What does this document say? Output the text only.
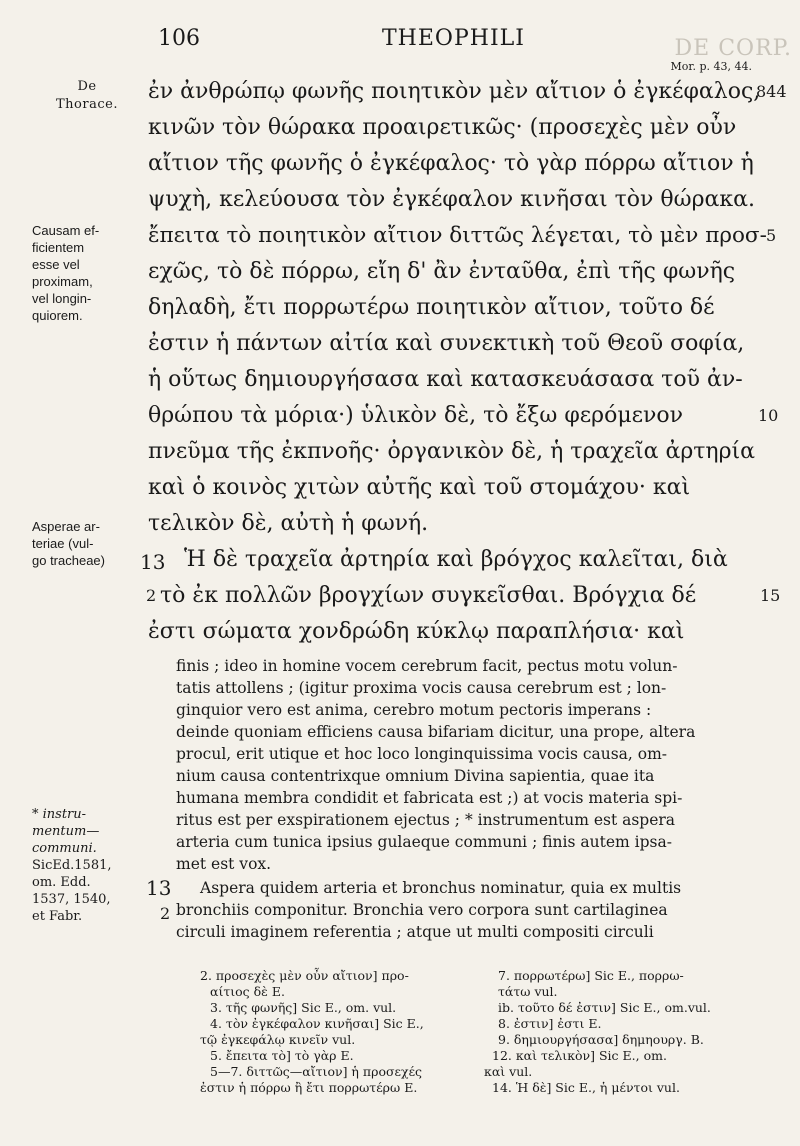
DE CORP.
106	THEOPHILI
Mor. p. 43, 44.
De
Thorace.
Causam ef-
ficientem
esse vel
proximam,
vel longin-
quiorem.
Asperae ar-
teriae (vul-
go tracheae)
* instru-
mentum—
communi.
SicEd.1581,
om. Edd.
1537, 1540,
et Fabr.
ἐν ἀνθρώπῳ φωνῆς ποιητικὸν μὲν αἴτιον ὁ ἐγκέφαλος,
κινῶν τὸν θώρακα προαιρετικῶς· (προσεχὲς μὲν οὖν
αἴτιον τῆς φωνῆς ὁ ἐγκέφαλος· τὸ γὰρ πόρρω αἴτιον ἡ
ψυχὴ, κελεύουσα τὸν ἐγκέφαλον κινῆσαι τὸν θώρακα.
ἔπειτα τὸ ποιητικὸν αἴτιον διττῶς λέγεται, τὸ μὲν προσ-
εχῶς, τὸ δὲ πόρρω, εἴη δ' ἂν ἐνταῦθα, ἐπὶ τῆς φωνῆς
δηλαδὴ, ἔτι πορρωτέρω ποιητικὸν αἴτιον, τοῦτο δέ
ἐστιν ἡ πάντων αἰτία καὶ συνεκτικὴ τοῦ Θεοῦ σοφία,
ἡ οὕτως δημιουργήσασα καὶ κατασκευάσασα τοῦ ἀν-
θρώπου τὰ μόρια·) ὑλικὸν δὲ, τὸ ἔξω φερόμενον
πνεῦμα τῆς ἐκπνοῆς· ὀργανικὸν δὲ, ἡ τραχεῖα ἀρτηρία
καὶ ὁ κοινὸς χιτὼν αὐτῆς καὶ τοῦ στομάχου· καὶ
τελικὸν δὲ, αὐτὴ ἡ φωνή.
Ἡ δὲ τραχεῖα ἀρτηρία καὶ βρόγχος καλεῖται, διὰ
τὸ ἐκ πολλῶν βρογχίων συγκεῖσθαι. Βρόγχια δέ
ἐστι σώματα χονδρώδη κύκλῳ παραπλήσια· καὶ
844
5
10
15
13
2
finis ; ideo in homine vocem cerebrum facit, pectus motu volun-
tatis attollens ; (igitur proxima vocis causa cerebrum est ; lon-
ginquior vero est anima, cerebro motum pectoris imperans :
deinde quoniam efficiens causa bifariam dicitur, una prope, altera
procul, erit utique et hoc loco longinquissima vocis causa, om-
nium causa contentrixque omnium Divina sapientia, quae ita
humana membra condidit et fabricata est ;) at vocis materia spi-
ritus est per exspirationem ejectus ; * instrumentum est aspera
arteria cum tunica ipsius gulaeque communi ; finis autem ipsa-
met est vox.
Aspera quidem arteria et bronchus nominatur, quia ex multis
bronchiis componitur. Bronchia vero corpora sunt cartilaginea
circuli imaginem referentia ; atque ut multi compositi circuli
13
2
2. προσεχὲς μὲν οὖν αἴτιον] προ-
αίτιος δὲ E.
3. τῆς φωνῆς] Sic E., om. vul.
4. τὸν ἐγκέφαλον κινῆσαι] Sic E.,
τῷ ἐγκεφάλῳ κινεῖν vul.
5. ἔπειτα τὸ] τὸ γὰρ E.
5—7. διττῶς—αἴτιον] ἡ προσεχές
ἐστιν ἡ πόρρω ἢ ἔτι πορρωτέρω E.
7. πορρωτέρω] Sic E., πορρω-
τάτω vul.
ib. τοῦτο δέ ἐστιν] Sic E., om.vul.
8. ἐστιν] ἐστι E.
9. δημιουργήσασα] δημηουργ. B.
12. καὶ τελικὸν] Sic E., om.
καὶ vul.
14. Ἡ δὲ] Sic E., ἡ μέντοι vul.
